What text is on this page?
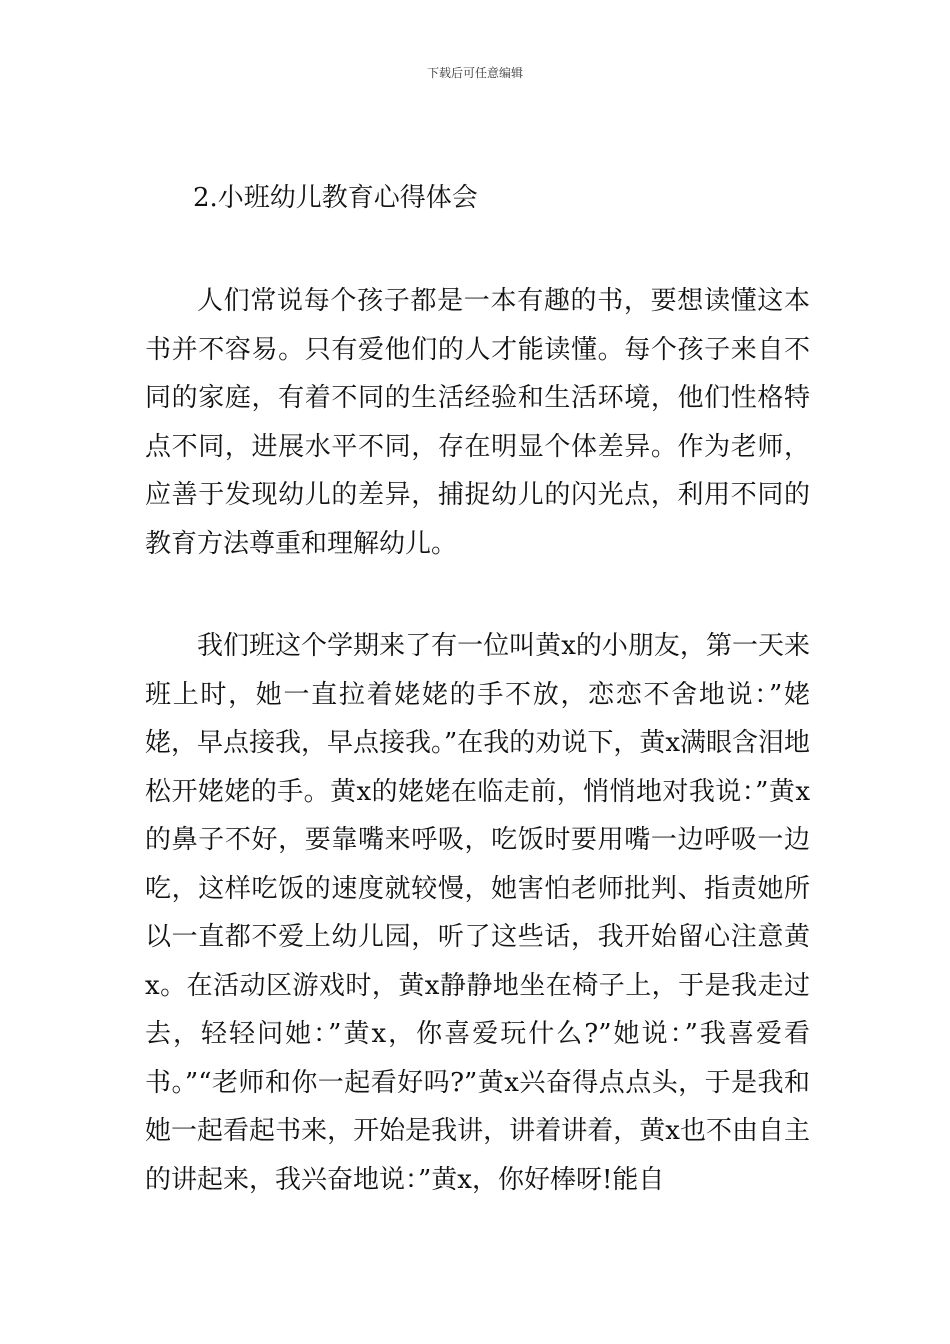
下载后可任意编辑
2.小班幼儿教育心得体会

人们常说每个孩子都是一本有趣的书，要想读懂这本书并不容易。只有爱他们的人才能读懂。每个孩子来自不同的家庭，有着不同的生活经验和生活环境，他们性格特点不同，进展水平不同，存在明显个体差异。作为老师，应善于发现幼儿的差异，捕捉幼儿的闪光点，利用不同的教育方法尊重和理解幼儿。

我们班这个学期来了有一位叫黄x的小朋友，第一天来班上时，她一直拉着姥姥的手不放，恋恋不舍地说：”姥姥，早点接我，早点接我。”在我的劝说下，黄x满眼含泪地松开姥姥的手。黄x的姥姥在临走前，悄悄地对我说：”黄x的鼻子不好，要靠嘴来呼吸，吃饭时要用嘴一边呼吸一边吃，这样吃饭的速度就较慢，她害怕老师批判、指责她所以一直都不爱上幼儿园，听了这些话，我开始留心注意黄x。在活动区游戏时，黄x静静地坐在椅子上，于是我走过去，轻轻问她：”黄x，你喜爱玩什么?”她说：”我喜爱看书。”“老师和你一起看好吗?”黄x兴奋得点点头，于是我和她一起看起书来，开始是我讲，讲着讲着，黄x也不由自主的讲起来，我兴奋地说：”黄x，你好棒呀!能自
